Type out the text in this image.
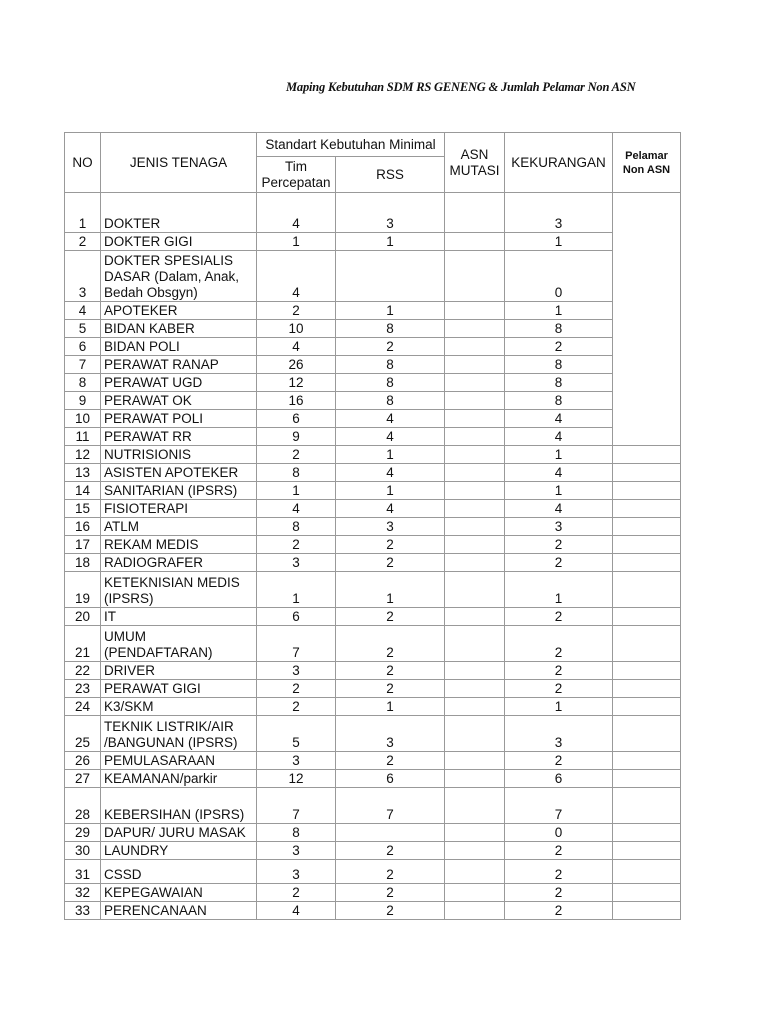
Maping Kebutuhan SDM RS GENENG & Jumlah Pelamar Non ASN
NO	JENIS TENAGA	Standart Kebutuhan Minimal		ASN MUTASI	KEKURANGAN	Pelamar Non ASN
		Tim Percepatan	RSS			
1	DOKTER	4	3		3	
2	DOKTER GIGI	1	1		1	
3	DOKTER SPESIALIS DASAR (Dalam, Anak, Bedah Obsgyn)	4			0	
4	APOTEKER	2	1		1	
5	BIDAN KABER	10	8		8	
6	BIDAN POLI	4	2		2	
7	PERAWAT RANAP	26	8		8	
8	PERAWAT UGD	12	8		8	
9	PERAWAT OK	16	8		8	
10	PERAWAT POLI	6	4		4	
11	PERAWAT RR	9	4		4	
12	NUTRISIONIS	2	1		1	
13	ASISTEN APOTEKER	8	4		4	
14	SANITARIAN (IPSRS)	1	1		1	
15	FISIOTERAPI	4	4		4	
16	ATLM	8	3		3	
17	REKAM MEDIS	2	2		2	
18	RADIOGRAFER	3	2		2	
19	KETEKNISIAN MEDIS (IPSRS)	1	1		1	
20	IT	6	2		2	
21	UMUM (PENDAFTARAN)	7	2		2	
22	DRIVER	3	2		2	
23	PERAWAT GIGI	2	2		2	
24	K3/SKM	2	1		1	
25	TEKNIK LISTRIK/AIR /BANGUNAN (IPSRS)	5	3		3	
26	PEMULASARAAN	3	2		2	
27	KEAMANAN/parkir	12	6		6	
28	KEBERSIHAN (IPSRS)	7	7		7	
29	DAPUR/ JURU MASAK	8			0	
30	LAUNDRY	3	2		2	
31	CSSD	3	2		2	
32	KEPEGAWAIAN	2	2		2	
33	PERENCANAAN	4	2		2	
